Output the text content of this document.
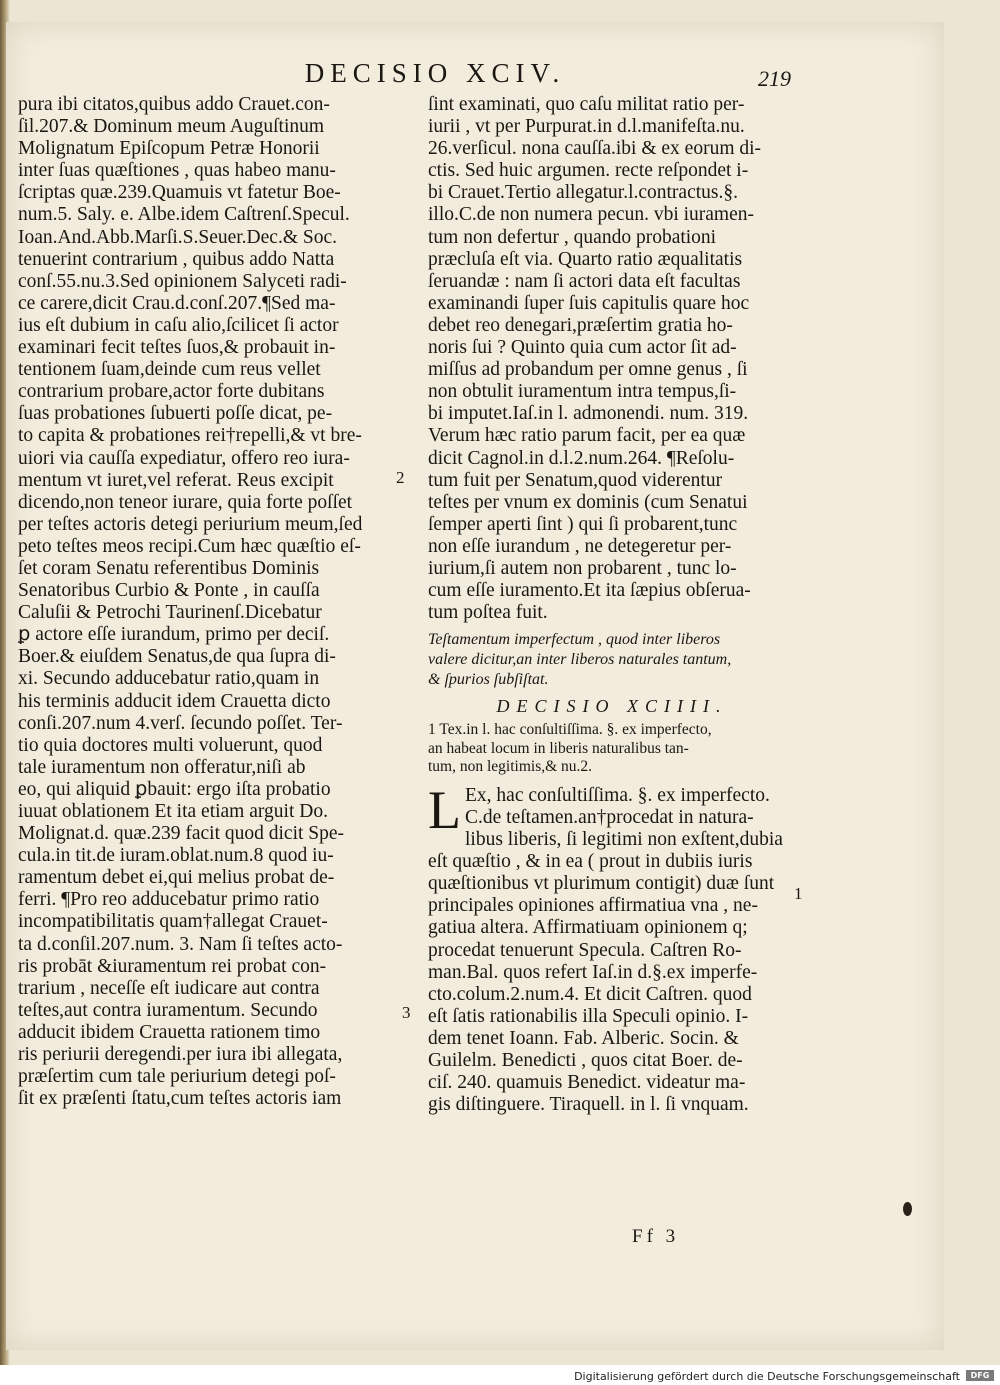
DECISIO XCIV.	219

pura ibi citatos,quibus addo Crauet.con-

ſil.207.& Dominum meum Auguſtinum

Molignatum Epiſcopum Petræ Honorii

inter ſuas quæſtiones , quas habeo manu-

ſcriptas quæ.239.Quamuis vt fatetur Boe-

num.5. Saly. e. Albe.idem Caſtrenſ.Specul.

Ioan.And.Abb.Marſi.S.Seuer.Dec.& Soc.

tenuerint contrarium , quibus addo Natta

conſ.55.nu.3.Sed opinionem Salyceti radi-

ce carere,dicit Crau.d.conſ.207.¶Sed ma-

ius eſt dubium in caſu alio,ſcilicet ſi actor

examinari fecit teſtes ſuos,& probauit in-

tentionem ſuam,deinde cum reus vellet

contrarium probare,actor forte dubitans

ſuas probationes ſubuerti poſſe dicat, pe-

to capita & probationes rei†repelli,& vt bre-

uiori via cauſſa expediatur, offero reo iura-

mentum vt iuret,vel referat. Reus excipit

dicendo,non teneor iurare, quia forte poſſet

per teſtes actoris detegi periurium meum,ſed

peto teſtes meos recipi.Cum hæc quæſtio eſ-

ſet coram Senatu referentibus Dominis

Senatoribus Curbio & Ponte , in cauſſa

Caluſii & Petrochi Taurinenſ.Dicebatur

ꝑ actore eſſe iurandum, primo per deciſ.

Boer.& eiuſdem Senatus,de qua ſupra di-

xi. Secundo adducebatur ratio,quam in

his terminis adducit idem Crauetta dicto

conſi.207.num 4.verſ. ſecundo poſſet. Ter-

tio quia doctores multi voluerunt, quod

tale iuramentum non offeratur,niſi ab

eo, qui aliquid ꝑbauit: ergo iſta probatio

iuuat oblationem Et ita etiam arguit Do.

Molignat.d. quæ.239 facit quod dicit Spe-

cula.in tit.de iuram.oblat.num.8 quod iu-

ramentum debet ei,qui melius probat de-

ferri. ¶Pro reo adducebatur primo ratio

incompatibilitatis quam†allegat Crauet-

ta d.conſil.207.num. 3. Nam ſi teſtes acto-

ris probāt &iuramentum rei probat con-

trarium , neceſſe eſt iudicare aut contra

teſtes,aut contra iuramentum. Secundo

adducit ibidem Crauetta rationem timo

ris periurii deregendi.per iura ibi allegata,

præſertim cum tale periurium detegi poſ-

ſit ex præſenti ſtatu,cum teſtes actoris iam

ſint examinati, quo caſu militat ratio per-

iurii , vt per Purpurat.in d.l.manifeſta.nu.

26.verſicul. nona cauſſa.ibi & ex eorum di-

ctis. Sed huic argumen. recte reſpondet i-

bi Crauet.Tertio allegatur.l.contractus.§.

illo.C.de non numera pecun. vbi iuramen-

tum non defertur , quando probationi

præcluſa eſt via. Quarto ratio æqualitatis

ſeruandæ : nam ſi actori data eſt facultas

examinandi ſuper ſuis capitulis quare hoc

debet reo denegari,præſertim gratia ho-

noris ſui ? Quinto quia cum actor ſit ad-

miſſus ad probandum per omne genus , ſi

non obtulit iuramentum intra tempus,ſi-

bi imputet.Iaſ.in l. admonendi. num. 319.

Verum hæc ratio parum facit, per ea quæ

dicit Cagnol.in d.l.2.num.264. ¶Reſolu-

tum fuit per Senatum,quod viderentur

teſtes per vnum ex dominis (cum Senatui

ſemper aperti ſint ) qui ſi probarent,tunc

non eſſe iurandum , ne detegeretur per-

iurium,ſi autem non probarent , tunc lo-

cum eſſe iuramento.Et ita ſæpius obſerua-

tum poſtea fuit.

Teſtamentum imperfectum , quod inter liberos

valere dicitur,an inter liberos naturales tantum,

& ſpurios ſubſiſtat.

DECISIO XCIIII.

1 Tex.in l. hac conſultiſſima. §. ex imperfecto,

an habeat locum in liberis naturalibus tan-

tum, non legitimis,& nu.2.

L Ex, hac conſultiſſima. §. ex imperfecto.

C.de teſtamen.an†procedat in natura-

libus liberis, ſi legitimi non exſtent,dubia

eſt quæſtio , & in ea ( prout in dubiis iuris

quæſtionibus vt plurimum contigit) duæ ſunt

principales opiniones affirmatiua vna , ne-

gatiua altera. Affirmatiuam opinionem q;

procedat tenuerunt Specula. Caſtren Ro-

man.Bal. quos refert Iaſ.in d.§.ex imperfe-

cto.colum.2.num.4. Et dicit Caſtren. quod

eſt ſatis rationabilis illa Speculi opinio. I-

dem tenet Ioann. Fab. Alberic. Socin. &

Guilelm. Benedicti , quos citat Boer. de-

ciſ. 240. quamuis Benedict. videatur ma-

gis diſtinguere. Tiraquell. in l. ſi vnquam.

2
3
1
Ff 3
Digitalisierung gefördert durch die Deutsche Forschungsgemeinschaft	DFG
